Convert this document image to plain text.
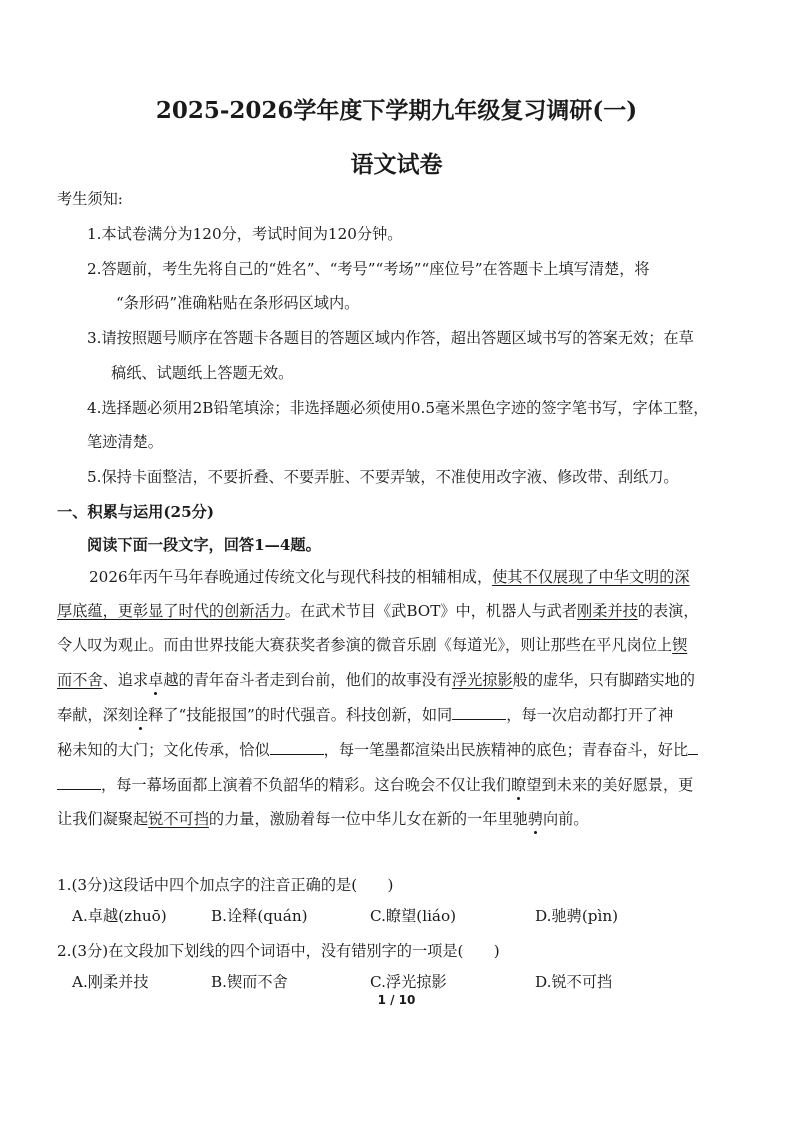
2025-2026学年度下学期九年级复习调研(一)
语文试卷
考生须知:
1.本试卷满分为120分，考试时间为120分钟。
2.答题前，考生先将自己的“姓名”、“考号”“考场”“座位号”在答题卡上填写清楚，将
“条形码”准确粘贴在条形码区域内。
3.请按照题号顺序在答题卡各题目的答题区域内作答，超出答题区域书写的答案无效；在草
稿纸、试题纸上答题无效。
4.选择题必须用2B铅笔填涂；非选择题必须使用0.5毫米黑色字迹的签字笔书写，字体工整，
笔迹清楚。
5.保持卡面整洁，不要折叠、不要弄脏、不要弄皱，不准使用改字液、修改带、刮纸刀。
一、积累与运用(25分)
阅读下面一段文字，回答1—4题。
2026年丙午马年春晚通过传统文化与现代科技的相辅相成，使其不仅展现了中华文明的深
厚底蕴，更彰显了时代的创新活力。在武术节目《武BOT》中，机器人与武者刚柔并技的表演，
令人叹为观止。而由世界技能大赛获奖者参演的微音乐剧《每道光》，则让那些在平凡岗位上锲
而不舍、追求卓越的青年奋斗者走到台前，他们的故事没有浮光掠影般的虚华，只有脚踏实地的
奉献，深刻诠释了“技能报国”的时代强音。科技创新，如同	，每一次启动都打开了神
秘未知的大门；文化传承，恰似	，每一笔墨都渲染出民族精神的底色；青春奋斗，好比
，每一幕场面都上演着不负韶华的精彩。这台晚会不仅让我们瞭望到未来的美好愿景，更
让我们凝聚起锐不可挡的力量，激励着每一位中华儿女在新的一年里驰骋向前。
1.(3分)这段话中四个加点字的注音正确的是(　　)
A.卓越(zhuō)	B.诠释(quán)	C.瞭望(liáo)	D.驰骋(pìn)
2.(3分)在文段加下划线的四个词语中，没有错别字的一项是(　　)
A.刚柔并技	B.锲而不舍	C.浮光掠影	D.锐不可挡
1 / 10
